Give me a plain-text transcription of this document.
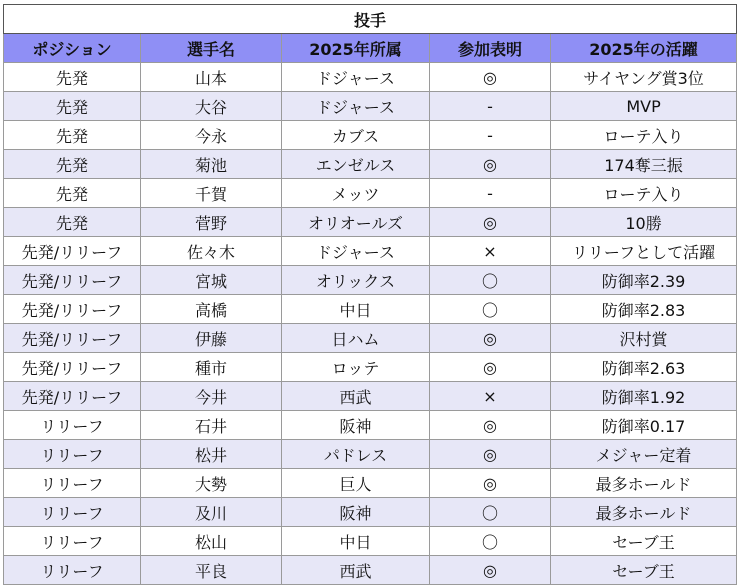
投手				
ポジション	選手名	2025年所属	参加表明	2025年の活躍
先発	山本	ドジャース	◎	サイヤング賞3位
先発	大谷	ドジャース	-	MVP
先発	今永	カブス	-	ローテ入り
先発	菊池	エンゼルス	◎	174奪三振
先発	千賀	メッツ	-	ローテ入り
先発	菅野	オリオールズ	◎	10勝
先発/リリーフ	佐々木	ドジャース	×	リリーフとして活躍
先発/リリーフ	宮城	オリックス	〇	防御率2.39
先発/リリーフ	高橋	中日	〇	防御率2.83
先発/リリーフ	伊藤	日ハム	◎	沢村賞
先発/リリーフ	種市	ロッテ	◎	防御率2.63
先発/リリーフ	今井	西武	×	防御率1.92
リリーフ	石井	阪神	◎	防御率0.17
リリーフ	松井	パドレス	◎	メジャー定着
リリーフ	大勢	巨人	◎	最多ホールド
リリーフ	及川	阪神	〇	最多ホールド
リリーフ	松山	中日	〇	セーブ王
リリーフ	平良	西武	◎	セーブ王
